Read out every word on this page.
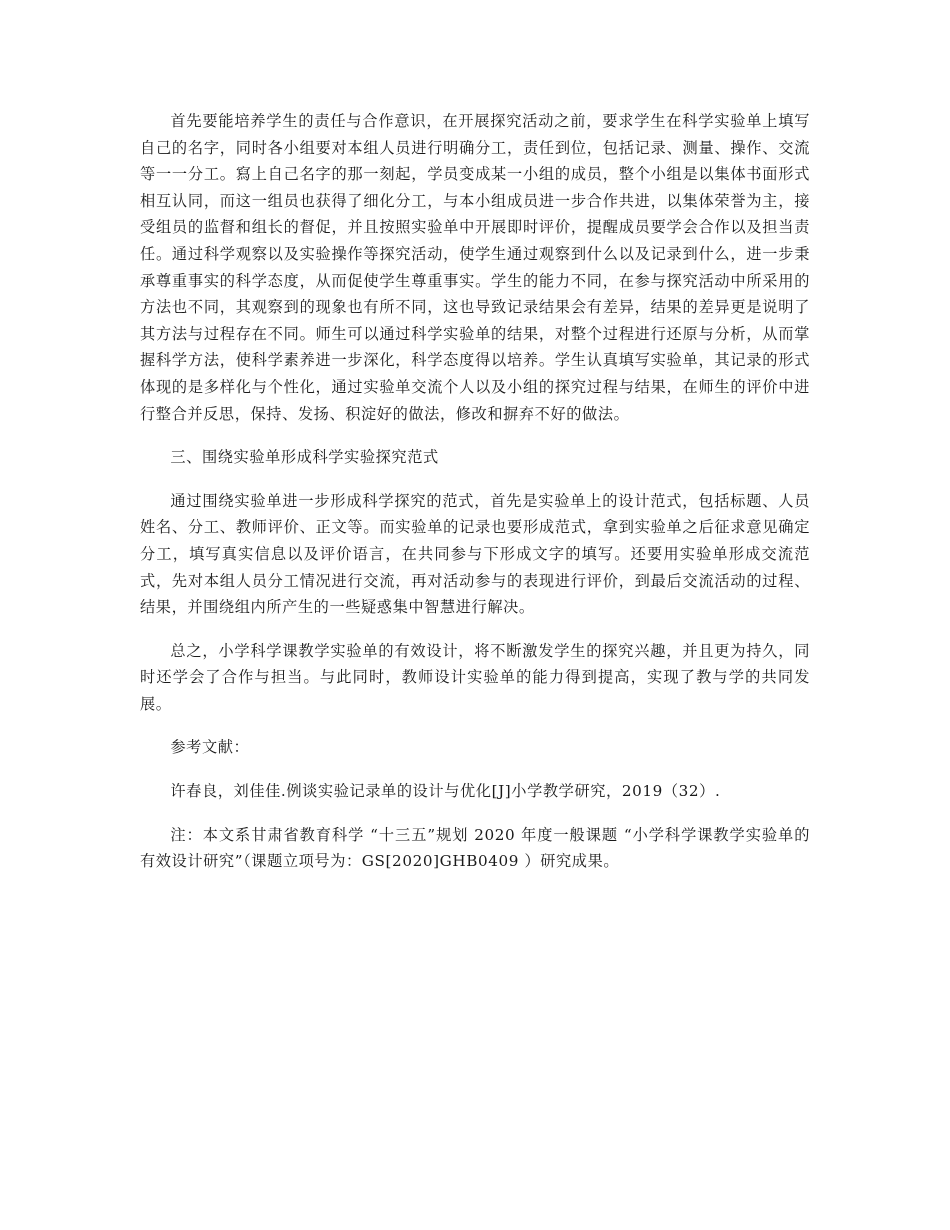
首先要能培养学生的责任与合作意识，在开展探究活动之前，要求学生在科学实验单上填写自己的名字，同时各小组要对本组人员进行明确分工，责任到位，包括记录、测量、操作、交流等一一分工。寫上自己名字的那一刻起，学员变成某一小组的成员，整个小组是以集体书面形式相互认同，而这一组员也获得了细化分工，与本小组成员进一步合作共进，以集体荣誉为主，接受组员的监督和组长的督促，并且按照实验单中开展即时评价，提醒成员要学会合作以及担当责任。通过科学观察以及实验操作等探究活动，使学生通过观察到什么以及记录到什么，进一步秉承尊重事实的科学态度，从而促使学生尊重事实。学生的能力不同，在参与探究活动中所采用的方法也不同，其观察到的现象也有所不同，这也导致记录结果会有差异，结果的差异更是说明了其方法与过程存在不同。师生可以通过科学实验单的结果，对整个过程进行还原与分析，从而掌握科学方法，使科学素养进一步深化，科学态度得以培养。学生认真填写实验单，其记录的形式体现的是多样化与个性化，通过实验单交流个人以及小组的探究过程与结果，在师生的评价中进行整合并反思，保持、发扬、积淀好的做法，修改和摒弃不好的做法。

三、围绕实验单形成科学实验探究范式

通过围绕实验单进一步形成科学探究的范式，首先是实验单上的设计范式，包括标题、人员姓名、分工、教师评价、正文等。而实验单的记录也要形成范式，拿到实验单之后征求意见确定分工，填写真实信息以及评价语言，在共同参与下形成文字的填写。还要用实验单形成交流范式，先对本组人员分工情况进行交流，再对活动参与的表现进行评价，到最后交流活动的过程、结果，并围绕组内所产生的一些疑惑集中智慧进行解决。

总之，小学科学课教学实验单的有效设计，将不断激发学生的探究兴趣，并且更为持久，同时还学会了合作与担当。与此同时，教师设计实验单的能力得到提高，实现了教与学的共同发展。

参考文献：

许春良，刘佳佳.例谈实验记录单的设计与优化[J]小学教学研究，2019（32）.

注：本文系甘肃省教育科学 “十三五”规划 2020 年度一般课题 “小学科学课教学实验单的有效设计研究”（课题立项号为：GS[2020]GHB0409 ）研究成果。
